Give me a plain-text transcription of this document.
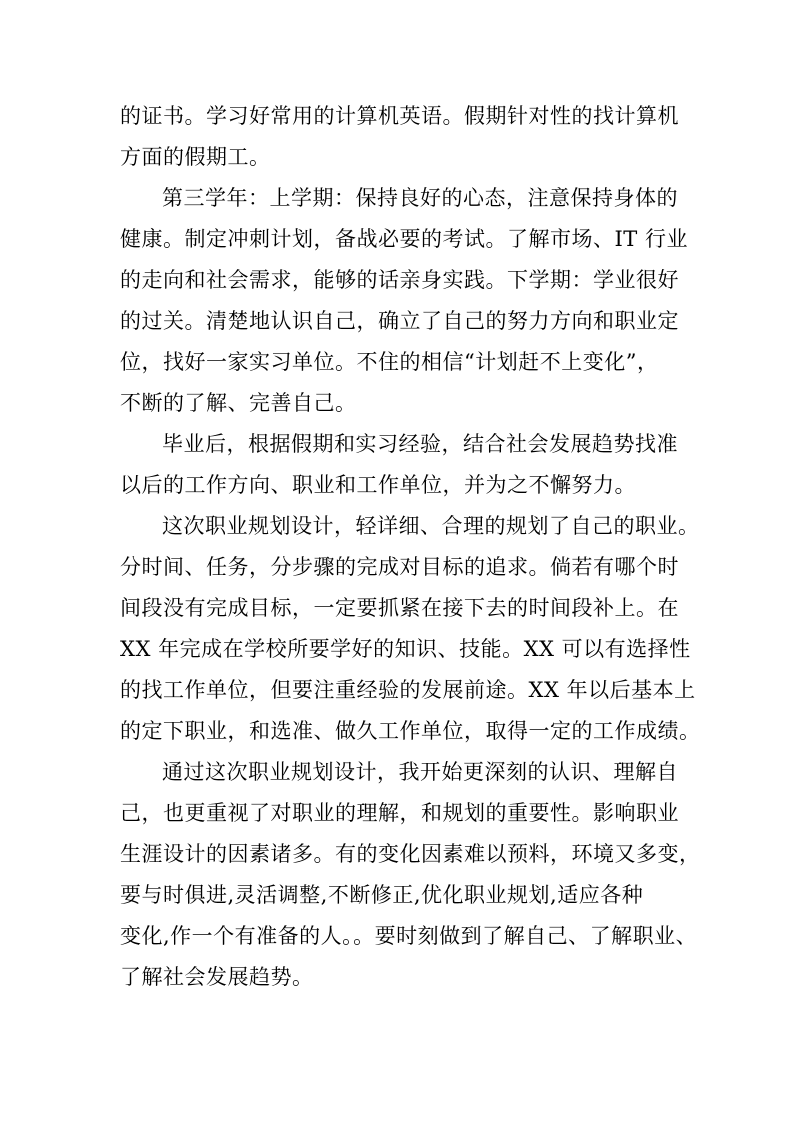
的证书。学习好常用的计算机英语。假期针对性的找计算机
方面的假期工。
第三学年：上学期：保持良好的心态，注意保持身体的
健康。制定冲刺计划，备战必要的考试。了解市场、IT 行业
的走向和社会需求，能够的话亲身实践。下学期：学业很好
的过关。清楚地认识自己，确立了自己的努力方向和职业定
位，找好一家实习单位。不住的相信“计划赶不上变化”，
不断的了解、完善自己。
毕业后，根据假期和实习经验，结合社会发展趋势找准
以后的工作方向、职业和工作单位，并为之不懈努力。
这次职业规划设计，轻详细、合理的规划了自己的职业。
分时间、任务，分步骤的完成对目标的追求。倘若有哪个时
间段没有完成目标，一定要抓紧在接下去的时间段补上。在
XX 年完成在学校所要学好的知识、技能。XX 可以有选择性
的找工作单位，但要注重经验的发展前途。XX 年以后基本上
的定下职业，和选准、做久工作单位，取得一定的工作成绩。
通过这次职业规划设计，我开始更深刻的认识、理解自
己，也更重视了对职业的理解，和规划的重要性。影响职业
生涯设计的因素诸多。有的变化因素难以预料，环境又多变，
要与时俱进,灵活调整,不断修正,优化职业规划,适应各种
变化,作一个有准备的人。。要时刻做到了解自己、了解职业、
了解社会发展趋势。
